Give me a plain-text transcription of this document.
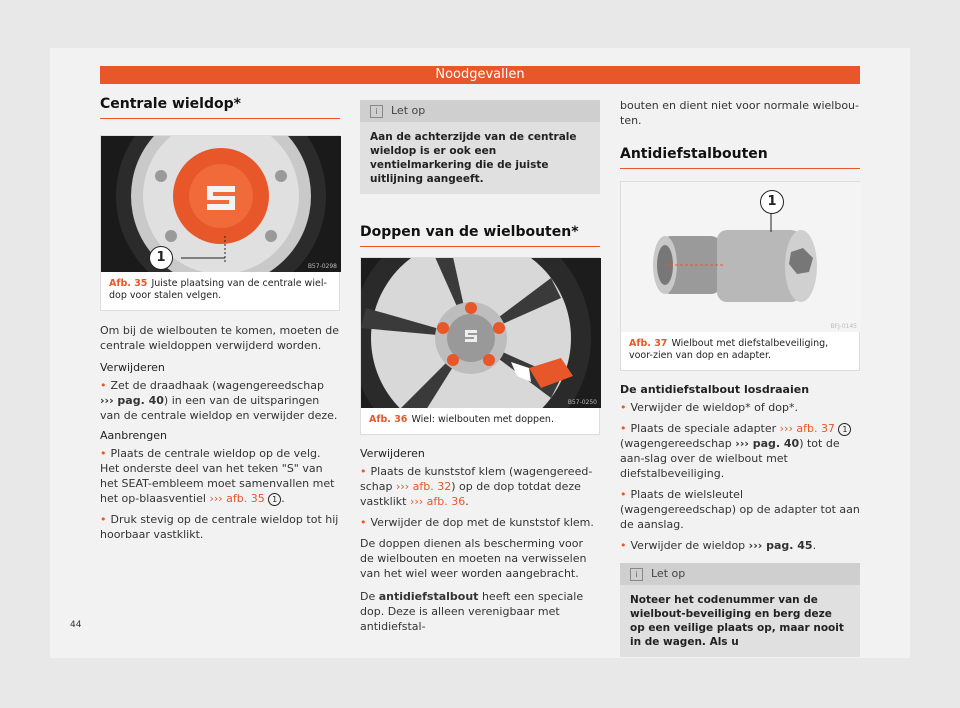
Noodgevallen
Centrale wieldop*
1
B57-0298
Afb. 35 Juiste plaatsing van de centrale wiel-dop voor stalen velgen.

Om bij de wielbouten te komen, moeten de centrale wieldoppen verwijderd worden.

Verwijderen
• Zet de draadhaak (wagengereedschap
››› pag. 40) in een van de uitsparingen van de centrale wieldop en verwijder deze.
Aanbrengen
• Plaats de centrale wieldop op de velg. Het onderste deel van het teken "S" van het SEAT-embleem moet samenvallen met het op-blaasventiel ››› afb. 35 1 .
• Druk stevig op de centrale wieldop tot hij hoorbaar vastklikt.
i Let op
Aan de achterzijde van de centrale wieldop is er ook een ventielmarkering die de juiste uitlijning aangeeft.
Doppen van de wielbouten*
B57-0250
Afb. 36 Wiel: wielbouten met doppen.
Verwijderen
• Plaats de kunststof klem (wagengereed-schap ››› afb. 32) op de dop totdat deze vastklikt ››› afb. 36.
• Verwijder de dop met de kunststof klem.

De doppen dienen als bescherming voor de wielbouten en moeten na verwisselen van het wiel weer worden aangebracht.

De antidiefstalbout heeft een speciale dop. Deze is alleen verenigbaar met antidiefstal-

bouten en dient niet voor normale wielbou-ten.

Antidiefstalbouten
1
BFJ-0145
Afb. 37 Wielbout met diefstalbeveiliging, voor-zien van dop en adapter.
De antidiefstalbout losdraaien
• Verwijder de wieldop* of dop*.
• Plaats de speciale adapter ››› afb. 37 1
(wagengereedschap ››› pag. 40) tot de aan-slag over de wielbout met diefstalbeveiliging.
• Plaats de wielsleutel (wagengereedschap) op de adapter tot aan de aanslag.
• Verwijder de wieldop ››› pag. 45.
i Let op
Noteer het codenummer van de wielbout-beveiliging en berg deze op een veilige plaats op, maar nooit in de wagen. Als u
44
